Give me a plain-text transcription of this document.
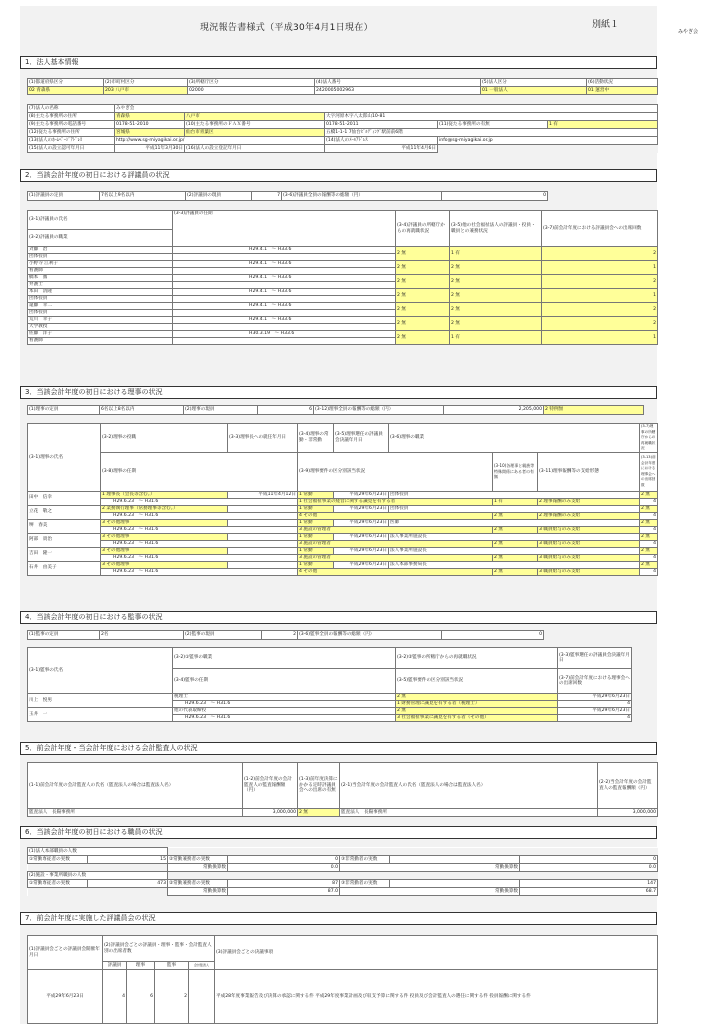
現況報告書様式（平成30年4月1日現在）	別紙１
みやぎ会
1．法人基本情報
(1)都道府県区分	(2)市町村区分	(3)所轄庁区分	(4)法人番号	(5)法人区分	(6)活動状況
02 青森県	203 八戸市	02000	2420005002963	01 一般法人	01 運営中
(7)法人の名称	みやぎ会				
(8)主たる事務所の住所	青森県	八戸市	大字河原木字八太郎山10-81		
(9)主たる事務所の電話番号	0178-51-2010	(10)主たる事務所のＦＡＸ番号	0178-51-2011	(11)従たる事務所の有無	1 有
(12)従たる事務所の住所	宮城県	仙台市青葉区	五橋1-1-1 7仙台ﾋﾞﾙﾃﾞｨﾝｸﾞ駅前前6階		
(13)法人のﾎｰﾑﾍﾟｰｼﾞｱﾄﾞﾚｽ	http://www.sg-miyagikai.or.jp/		(14)法人のﾒｰﾙｱﾄﾞﾚｽ	info@sg-miyagikai.or.jp	
(15)法人の設立認可年月日	平成11年3月30日	(16)法人の設立登記年月日	平成11年4月6日		
2．当該会計年度の初日における評議員の状況
(1)評議員の定員	7名以上9名以内	(2)評議員の現員	7	(3-6)評議員全員の報酬等の総額（円）	0
(3-1)評議員の氏名	(3-3)評議員の任期	(3-4)評議員の所轄庁からの再就職状況	(3-5)他の社会福祉法人の評議員・役員・職員との兼務状況	(3-7)前会計年度における評議員会への出席回数
(3-2)評議員の職業				
斉藤　治	H29.4.1　～ H33.6	2 無	1 有	2
団体役員				
小野寺 江利子	H29.4.1　～ H33.6	2 無	2 無	1
看護師				
橋本　薫	H29.4.1　～ H33.6	2 無	2 無	2
弁護士				
本田　清隆	H29.4.1　～ H33.6	2 無	2 無	1
団体役員				
遠藤　幸二	H29.4.1　～ H33.6	2 無	2 無	2
団体役員				
荒川　幸子	H29.4.1　～ H33.6	2 無	2 無	2
大学教授				
佐藤　洋子	H30.3.19　～ H33.6	2 無	1 有	1
看護師				
3．当該会計年度の初日における理事の状況
(1)理事の定員	6名以上8名以内	(2)理事の現員	6	(3-12)理事全員の報酬等の総額（円）	2,205,000	2 特例無
(3-1)理事の氏名	(3-2)理事の役職	(3-3)理事長への就任年月日	(3-4)理事の常勤・非常勤	(3-5)理事選任の評議員会決議年月日	(3-6)理事の職業			(3-7)理事の所轄庁からの再就職状況
	(3-8)理事の任期		(3-9)理事要件の区分別該当状況			(3-10)各理事と親族等特殊関係にある者の有無	(3-11)理事報酬等の支給形態	(3-13)前会計年度における理事会への出席回数
田中　信幸	1 理事長（会長等含む。）	平成11年4月12日	1 常勤	平成29年6月23日	団体役員			2 無
	H29.6.23　～ H31.6		1 社会福祉事業の経営に関する識見を有する者			1 有	2 理事報酬のみ支給	4
立花　敬之	2 業務執行理事（常務理事等含む。）		1 常勤	平成29年6月23日	団体役員			2 無
	H29.6.23　～ H31.6		4 その他			2 無	2 理事報酬のみ支給	4
堺　春美	3 その他理事		1 常勤	平成29年6月23日	医師			2 無
	H29.6.23　～ H31.6		3 施設の管理者			2 無	3 職員給与のみ支給	4
阿部　貴治	3 その他理事		1 常勤	平成29年6月23日	法人事業所施設長			2 無
	H29.6.23　～ H31.6		3 施設の管理者			2 無	3 職員給与のみ支給	4
吉田　隆一	3 その他理事		1 常勤	平成29年6月23日	法人事業所施設長			2 無
	H29.6.23　～ H31.6		3 施設の管理者			2 無	3 職員給与のみ支給	4
石井　由美子	3 その他理事		1 常勤	平成29年6月23日	法人本部事務局長			2 無
	H29.6.23　～ H31.6		4 その他			2 無	3 職員給与のみ支給	4
4．当該会計年度の初日における監事の状況
(1)監事の定員	2名	(2)監事の現員	2	(3-6)監事全員の報酬等の総額（円）	0
(3-1)監事の氏名	(3-2)①監事の職業	(3-2)②監事の所轄庁からの再就職状況	(3-3)監事選任の評議員会決議年月日
	(3-4)監事の任期	(3-5)監事要件の区分別該当状況	(3-7)前会計年度における理事会への出席回数
川上　悦男	税理士	2 無	平成29年6月23日
	H29.6.23　～ H31.6	1 財務管理に識見を有する者（税理士）	4
玉井　一	他の代表取締役	2 無	平成29年6月23日
	H29.6.23　～ H31.6	3 社会福祉事業に識見を有する者（その他）	4
5．前会計年度・当会計年度における会計監査人の状況
(1-1)前会計年度の会計監査人の氏名（監査法人の場合は監査法人名）	(1-2)前会計年度の会計監査人の監査報酬額（円）	(1-3)前年度決算にかかる定時評議員会への出席の有無	(2-1)当会計年度の会計監査人の氏名（監査法人の場合は監査法人名）	(2-2)当会計年度の会計監査人の監査報酬額（円）
監査法人　長陽事務所	3,000,000	2 無	監査法人　長陽事務所	3,000,000
6．当該会計年度の初日における職員の状況
(1)法人本部職員の人数						
①常勤専従者の実数	15	②常勤兼務者の実数	0	③非常勤者の実数		0
		常勤換算数	0.0	常勤換算数		0.0
(2)施設・事業所職員の人数						
①常勤専従者の実数	473	②常勤兼務者の実数	87	③非常勤者の実数		147
		常勤換算数	87.0	常勤換算数		68.7
7．前会計年度に実施した評議員会の状況
(1)評議員会ごとの評議員会開催年月日	(2)評議員会ごとの評議員・理事・監事・会計監査人別の出席者数				(3)評議員会ごとの決議事項
	評議員	理事	監事	会計監査人	
平成29年6月23日	4	6	2		平成28年度事業報告及び決算の承認に関する件 平成29年度事業計画及び収支予算に関する件 役員及び会計監査人の選任に関する件 役員報酬に関する件
